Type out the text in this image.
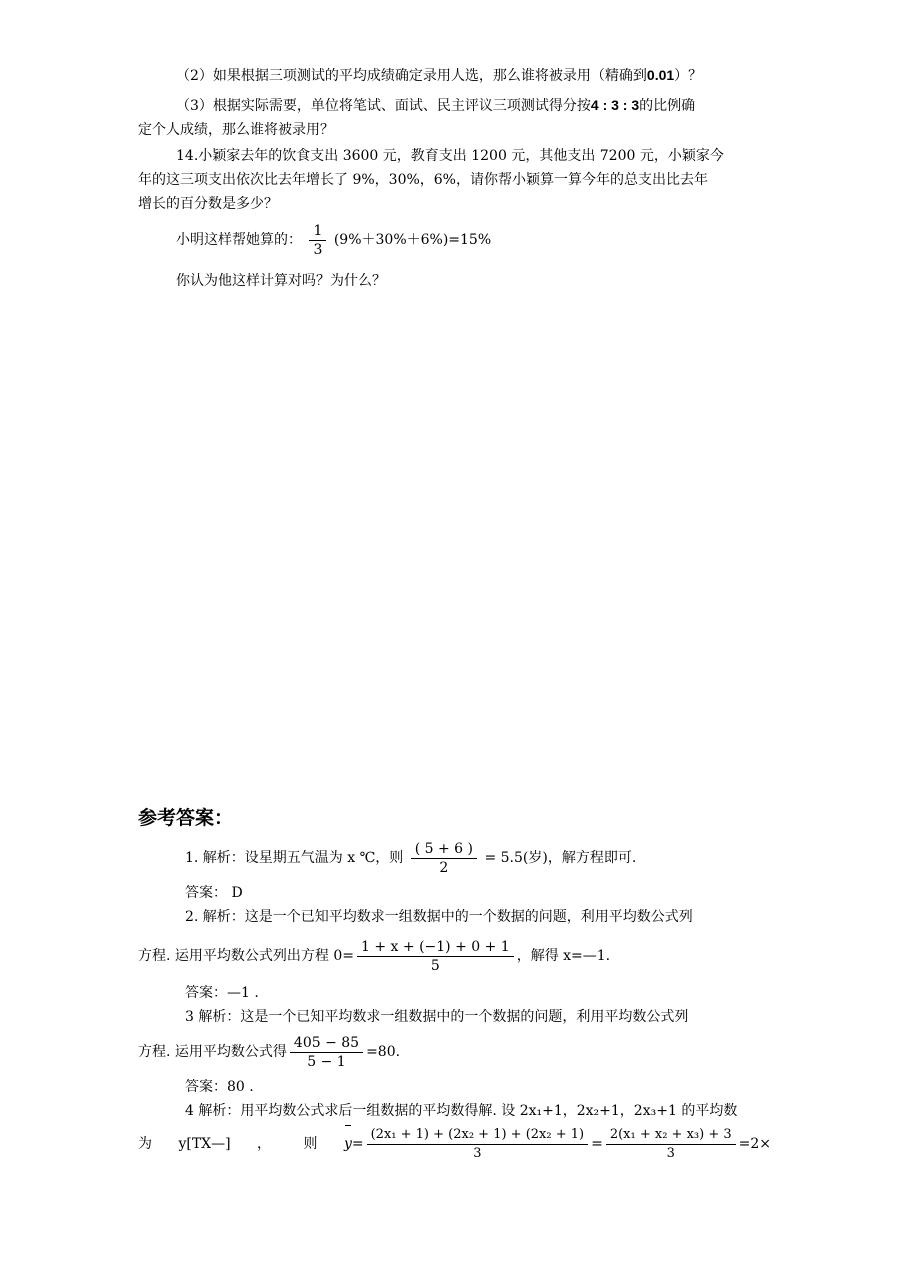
（2）如果根据三项测试的平均成绩确定录用人选，那么谁将被录用（精确到0.01）？
（3）根据实际需要，单位将笔试、面试、民主评议三项测试得分按4 : 3 : 3的比例确
定个人成绩，那么谁将被录用？
14.小颖家去年的饮食支出 3600 元，教育支出 1200 元，其他支出 7200 元，小颖家今
年的这三项支出依次比去年增长了 9%，30%，6%，请你帮小颖算一算今年的总支出比去年
增长的百分数是多少？
小明这样帮她算的： $\frac{1}{3} (9\%+30\%+6\%)=15\%$
你认为他这样计算对吗？为什么？
参考答案：
1. 解析：设星期五气温为 x ℃，则 $\frac{( 5 + 6 )}{2} = 5.5$(岁)，解方程即可.
答案： D
2. 解析：这是一个已知平均数求一组数据中的一个数据的问题，利用平均数公式列
方程. 运用平均数公式列出方程 $0= \frac{1 + x + (-1) + 0 + 1}{5}$ ，解得 x=—1.
答案：—1 .
3 解析：这是一个已知平均数求一组数据中的一个数据的问题，利用平均数公式列
方程. 运用平均数公式得 $\frac{405 - 85}{5 - 1} =80$.
答案：80 .
4 解析：用平均数公式求后一组数据的平均数得解. 设 2x₁+1，2x₂+1，2x₃+1 的平均数
为 y[TX—] ， 则 $y= \frac{\text{(2x₁ + 1) + (2x₂ + 1) + (2x₂ + 1)}}{3} = \frac{\text{2(x₁ + x₂ + x₃) + 3}}{3} =2\times$
